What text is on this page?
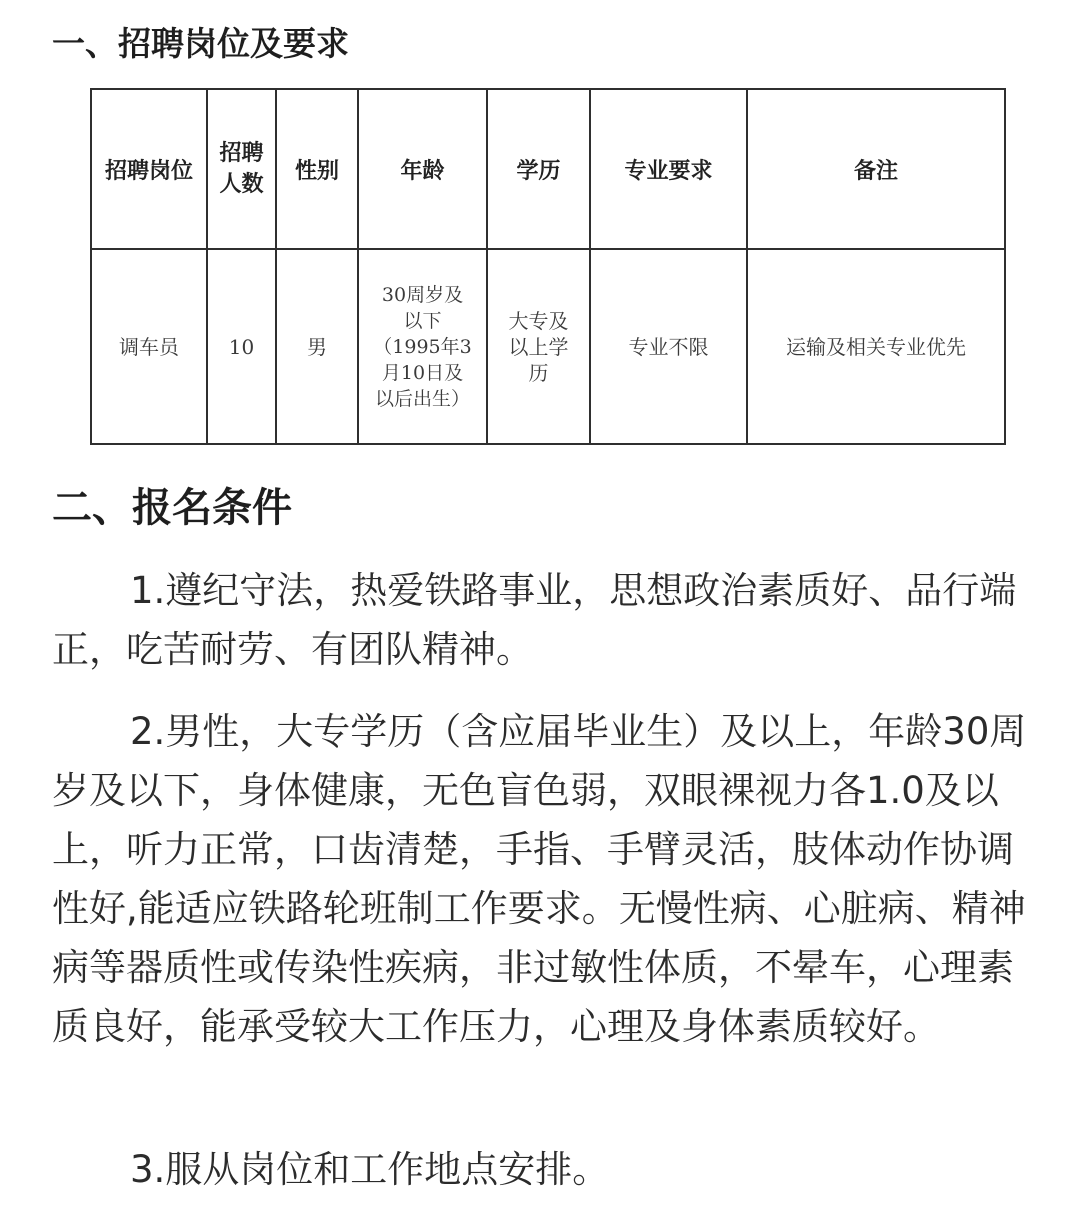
一、招聘岗位及要求
招聘岗位	招聘人数	性别	年龄	学历	专业要求	备注
调车员	10	男	30周岁及以下（1995年3月10日及以后出生）	大专及以上学历	专业不限	运输及相关专业优先
二、报名条件
1.遵纪守法，热爱铁路事业，思想政治素质好、品行端正，吃苦耐劳、有团队精神。
2.男性，大专学历（含应届毕业生）及以上，年龄30周岁及以下，身体健康，无色盲色弱，双眼裸视力各1.0及以上，听力正常，口齿清楚，手指、手臂灵活，肢体动作协调性好,能适应铁路轮班制工作要求。无慢性病、心脏病、精神病等器质性或传染性疾病，非过敏性体质，不晕车，心理素质良好，能承受较大工作压力，心理及身体素质较好。
3.服从岗位和工作地点安排。
